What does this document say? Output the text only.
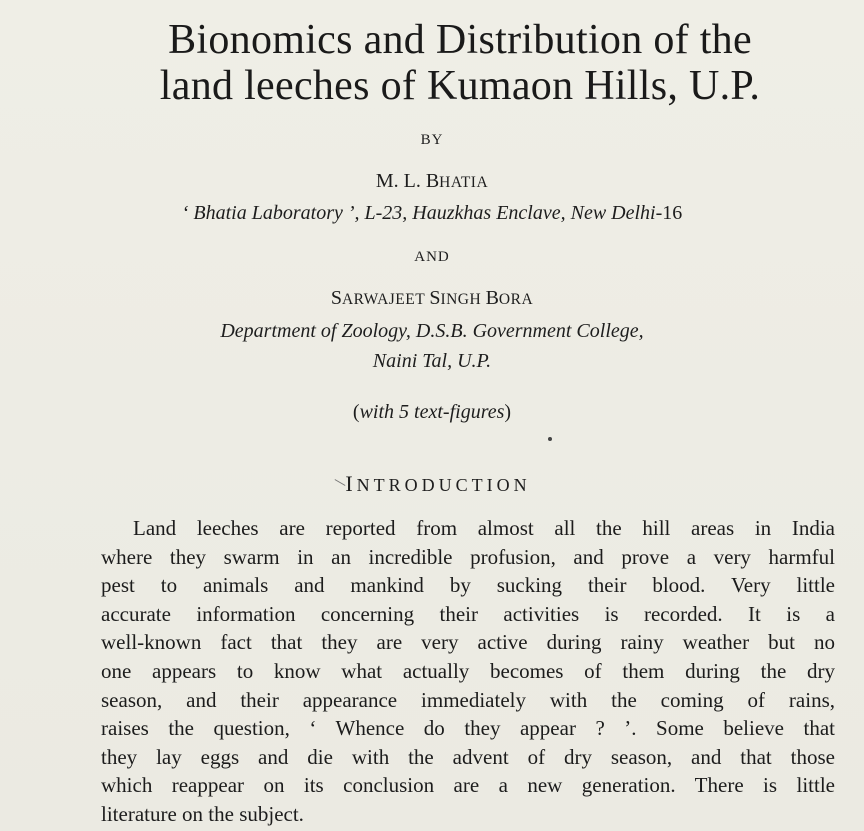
Bionomics and Distribution of the
land leeches of Kumaon Hills, U.P.
BY
M. L. BHATIA
‘ Bhatia Laboratory ’, L-23, Hauzkhas Enclave, New Delhi-16
AND
SARWAJEET SINGH BORA
Department of Zoology, D.S.B. Government College,
Naini Tal, U.P.
(with 5 text-figures)
INTRODUCTION
Land leeches are reported from almost all the hill areas in India
where they swarm in an incredible profusion, and prove a very harmful
pest to animals and mankind by sucking their blood. Very little
accurate information concerning their activities is recorded. It is a
well-known fact that they are very active during rainy weather but no
one appears to know what actually becomes of them during the dry
season, and their appearance immediately with the coming of rains,
raises the question, ‘ Whence do they appear ? ’. Some believe that
they lay eggs and die with the advent of dry season, and that those
which reappear on its conclusion are a new generation. There is little
literature on the subject.
